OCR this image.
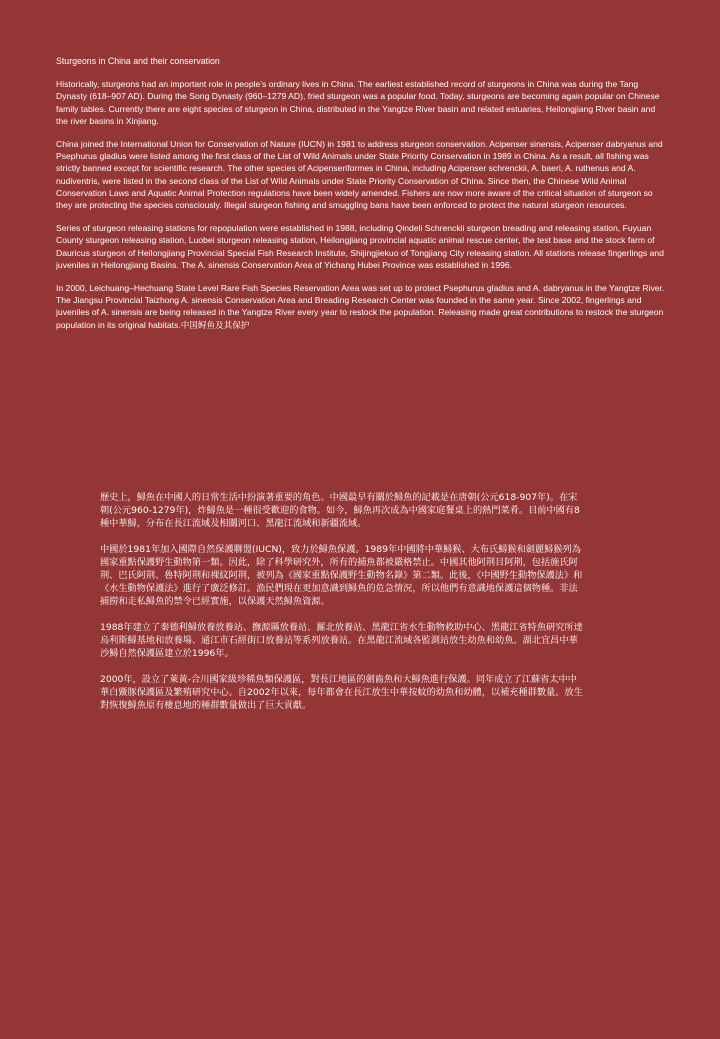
Sturgeons in China and their conservation

Historically, sturgeons had an important role in people’s ordinary lives in China. The earliest established record of sturgeons in China was during the Tang Dynasty (618–907 AD). During the Song Dynasty (960–1279 AD), fried sturgeon was a popular food. Today, sturgeons are becoming again popular on Chinese family tables. Currently there are eight species of sturgeon in China, distributed in the Yangtze River basin and related estuaries, Heilongjiang River basin and the river basins in Xinjiang.

China joined the International Union for Conservation of Nature (IUCN) in 1981 to address sturgeon conservation. Acipenser sinensis, Acipenser dabryanus and Psephurus gladius were listed among the first class of the List of Wild Animals under State Priority Conservation in 1989 in China. As a result, all fishing was strictly banned except for scientific research. The other species of Acipenseriformes in China, including Acipenser schrenckii, A. baeri, A. ruthenus and A. nudiventris, were listed in the second class of the List of Wild Animals under State Priority Conservation of China. Since then, the Chinese Wild Animal Conservation Laws and Aquatic Animal Protection regulations have been widely amended. Fishers are now more aware of the critical situation of sturgeon so they are protecting the species consciously. Illegal sturgeon fishing and smuggling bans have been enforced to protect the natural sturgeon resources.

Series of sturgeon releasing stations for repopulation were established in 1988, including Qindeli Schrenckii sturgeon breading and releasing station, Fuyuan County sturgeon releasing station, Luobei sturgeon releasing station, Heilongjiang provincial aquatic animal rescue center, the test base and the stock farm of Dauricus sturgeon of Heilongjiang Provincial Special Fish Research Institute, Shijingjiekuo of Tongjiang City releasing station. All stations release fingerlings and juveniles in Heilongjiang Basins. The A. sinensis Conservation Area of Yichang Hubei Province was established in 1996.

In 2000, Leichuang–Hechuang State Level Rare Fish Species Reservation Area was set up to protect Psephurus gladius and A. dabryanus in the Yangtze River. The Jiangsu Provincial Taizhong A. sinensis Conservation Area and Breading Research Center was founded in the same year. Since 2002, fingerlings and juveniles of A. sinensis are being released in the Yangtze River every year to restock the population. Releasing made great contributions to restock the sturgeon population in its original habitats.中国鲟鱼及其保护

歷史上，鱘魚在中國人的日常生活中扮演著重要的角色。中國最早有關於鱘魚的記載是在唐朝(公元618-907年)。在宋朝(公元960-1279年)，炸鱘魚是一種很受歡迎的食物。如今，鱘魚再次成為中國家庭餐桌上的熱門菜肴。目前中國有8種中華鱘，分布在長江流域及相關河口、黑龍江流域和新疆流域。

中國於1981年加入國際自然保護聯盟(IUCN)，致力於鱘魚保護。1989年中國將中華鱘猴、大布氏鱘猴和劍麗鱘猴列為國家重點保護野生動物第一類。因此，除了科學研究外，所有的捕魚都被嚴格禁止。中國其他阿荆目阿荆，包括施氏阿荆、巴氏阿荆、魯特阿荆和裸紋阿荆，被列為《國家重點保護野生動物名錄》第二類。此後，《中國野生動物保護法》和《水生動物保護法》進行了廣泛修訂。漁民們現在更加意識到鱘魚的危急情況，所以他們有意識地保護這個物種。非法捕撈和走私鱘魚的禁令已經實施，以保護天然鱘魚資源。

1988年建立了秦德利鱘放養放養站、撫源縣放養站、羅北放養站、黑龍江省水生動物救助中心、黑龍江省特魚研究所達烏利斯鱘基地和放養場、通江市石經街口放養站等系列放養站。在黑龍江流域各監測站放生幼魚和幼魚。湖北宜昌中華沙鱘自然保護區建立於1996年。

2000年，設立了萊黃-合川國家級珍稀魚類保護區，對長江地區的劍齒魚和大鱘魚進行保護。同年成立了江蘇省太中中華白鱀豚保護區及繁殖研究中心。自2002年以來，每年都會在長江放生中華按蚊的幼魚和幼體，以補充種群數量。放生對恢復鱘魚原有棲息地的種群數量做出了巨大貢獻。
